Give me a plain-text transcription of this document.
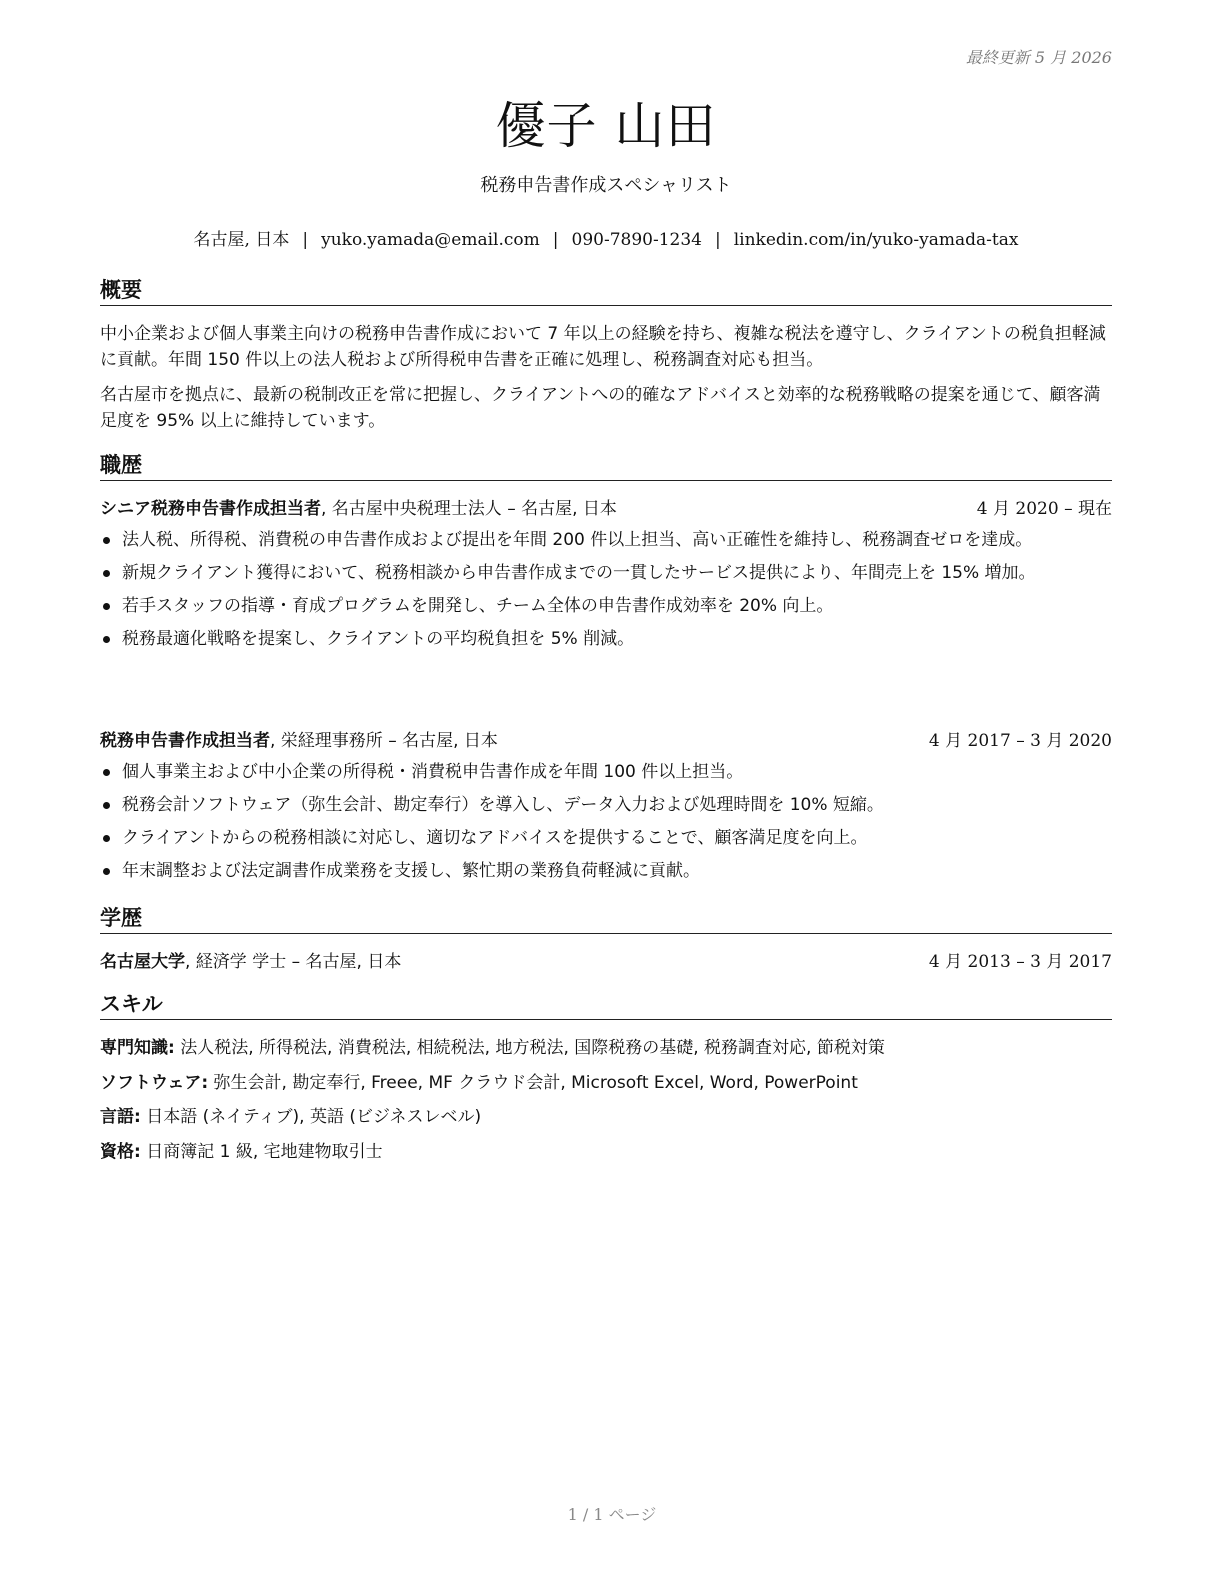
最終更新 5 月 2026
優子 山田
税務申告書作成スペシャリスト
名古屋, 日本 | yuko.yamada@email.com | 090-7890-1234 | linkedin.com/in/yuko-yamada-tax
概要

中小企業および個人事業主向けの税務申告書作成において 7 年以上の経験を持ち、複雑な税法を遵守し、クライアントの税負担軽減に貢献。年間 150 件以上の法人税および所得税申告書を正確に処理し、税務調査対応も担当。

名古屋市を拠点に、最新の税制改正を常に把握し、クライアントへの的確なアドバイスと効率的な税務戦略の提案を通じて、顧客満足度を 95% 以上に維持しています。

職歴
シニア税務申告書作成担当者, 名古屋中央税理士法人 – 名古屋, 日本	4 月 2020 – 現在
法人税、所得税、消費税の申告書作成および提出を年間 200 件以上担当、高い正確性を維持し、税務調査ゼロを達成。
新規クライアント獲得において、税務相談から申告書作成までの一貫したサービス提供により、年間売上を 15% 増加。
若手スタッフの指導・育成プログラムを開発し、チーム全体の申告書作成効率を 20% 向上。
税務最適化戦略を提案し、クライアントの平均税負担を 5% 削減。
税務申告書作成担当者, 栄経理事務所 – 名古屋, 日本	4 月 2017 – 3 月 2020
個人事業主および中小企業の所得税・消費税申告書作成を年間 100 件以上担当。
税務会計ソフトウェア（弥生会計、勘定奉行）を導入し、データ入力および処理時間を 10% 短縮。
クライアントからの税務相談に対応し、適切なアドバイスを提供することで、顧客満足度を向上。
年末調整および法定調書作成業務を支援し、繁忙期の業務負荷軽減に貢献。
学歴
名古屋大学, 経済学 学士 – 名古屋, 日本	4 月 2013 – 3 月 2017
スキル
専門知識: 法人税法, 所得税法, 消費税法, 相続税法, 地方税法, 国際税務の基礎, 税務調査対応, 節税対策
ソフトウェア: 弥生会計, 勘定奉行, Freee, MF クラウド会計, Microsoft Excel, Word, PowerPoint
言語: 日本語 (ネイティブ), 英語 (ビジネスレベル)
資格: 日商簿記 1 級, 宅地建物取引士
1 / 1 ページ
